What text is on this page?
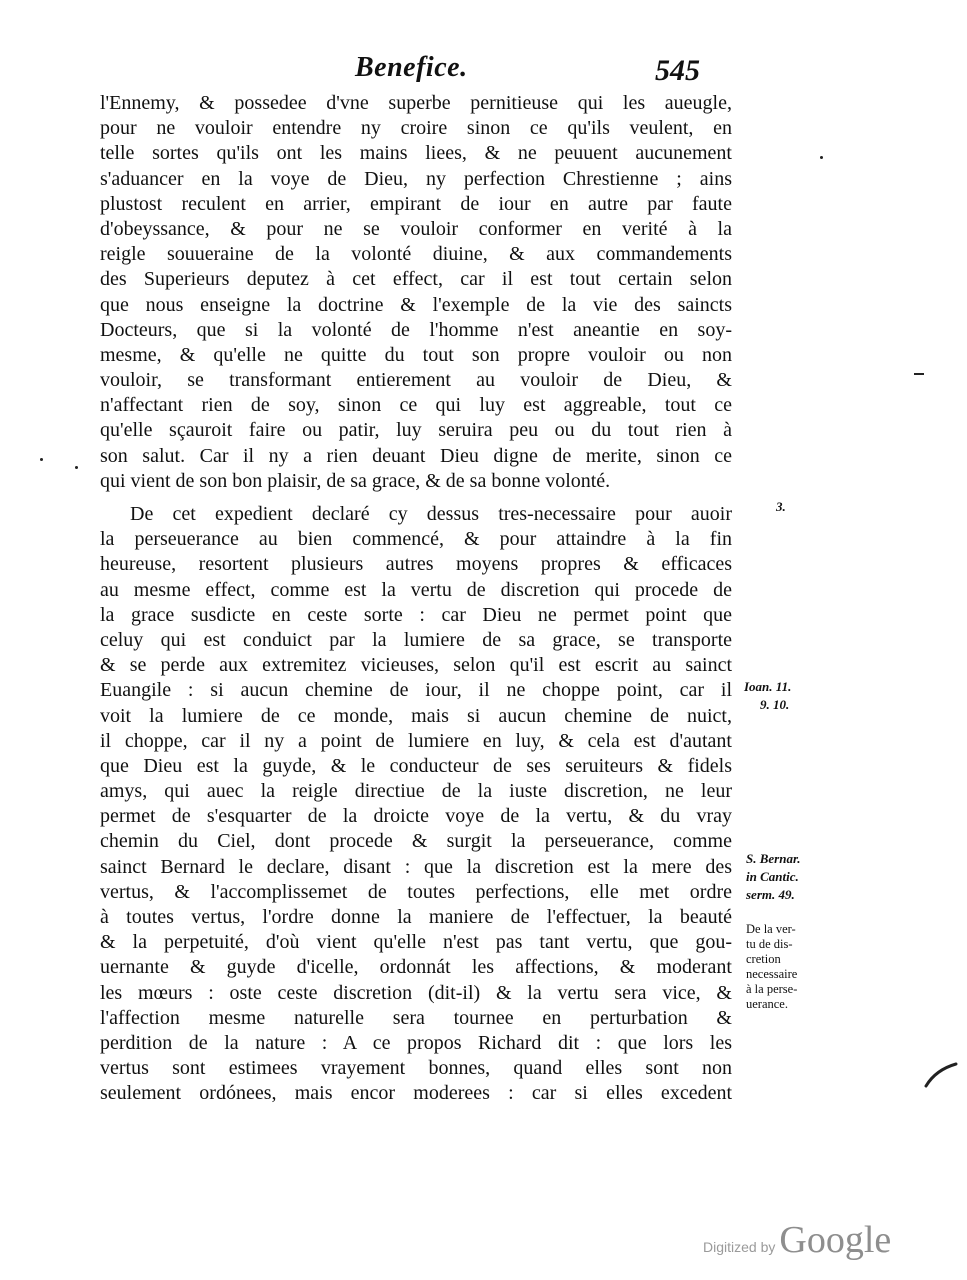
Benefice.	545
l'Ennemy, & possedee d'vne superbe pernitieuse qui les aueugle,
pour ne vouloir entendre ny croire sinon ce qu'ils veulent, en
telle sortes qu'ils ont les mains liees, & ne peuuent aucunement
s'aduancer en la voye de Dieu, ny perfection Chrestienne ; ains
plustost reculent en arrier, empirant de iour en autre par faute
d'obeyssance, & pour ne se vouloir conformer en verité à la
reigle souueraine de la volonté diuine, & aux commandements
des Superieurs deputez à cet effect, car il est tout certain selon
que nous enseigne la doctrine & l'exemple de la vie des saincts
Docteurs, que si la volonté de l'homme n'est aneantie en soy-
mesme, & qu'elle ne quitte du tout son propre vouloir ou non
vouloir, se transformant entierement au vouloir de Dieu, &
n'affectant rien de soy, sinon ce qui luy est aggreable, tout ce
qu'elle sçauroit faire ou patir, luy seruira peu ou du tout rien à
son salut. Car il ny a rien deuant Dieu digne de merite, sinon ce
qui vient de son bon plaisir, de sa grace, & de sa bonne volonté.
De cet expedient declaré cy dessus tres-necessaire pour auoir
la perseuerance au bien commencé, & pour attaindre à la fin
heureuse, resortent plusieurs autres moyens propres & efficaces
au mesme effect, comme est la vertu de discretion qui procede de
la grace susdicte en ceste sorte : car Dieu ne permet point que
celuy qui est conduict par la lumiere de sa grace, se transporte
& se perde aux extremitez vicieuses, selon qu'il est escrit au sainct
Euangile : si aucun chemine de iour, il ne choppe point, car il
voit la lumiere de ce monde, mais si aucun chemine de nuict,
il choppe, car il ny a point de lumiere en luy, & cela est d'autant
que Dieu est la guyde, & le conducteur de ses seruiteurs & fidels
amys, qui auec la reigle directiue de la iuste discretion, ne leur
permet de s'esquarter de la droicte voye de la vertu, & du vray
chemin du Ciel, dont procede & surgit la perseuerance, comme
sainct Bernard le declare, disant : que la discretion est la mere des
vertus, & l'accomplissemet de toutes perfections, elle met ordre
à toutes vertus, l'ordre donne la maniere de l'effectuer, la beauté
& la perpetuité, d'où vient qu'elle n'est pas tant vertu, que gou-
uernante & guyde d'icelle, ordonnát les affections, & moderant
les mœurs : oste ceste discretion (dit-il) & la vertu sera vice, &
l'affection mesme naturelle sera tournee en perturbation &
perdition de la nature : A ce propos Richard dit : que lors les
vertus sont estimees vrayement bonnes, quand elles sont non
seulement ordónees, mais encor moderees : car si elles excedent
3.
Ioan. 11.
9. 10.
S. Bernar.
in Cantic.
serm. 49.
De la ver-
tu de dis-
cretion
necessaire
à la perse-
uerance.
Digitized by Google
